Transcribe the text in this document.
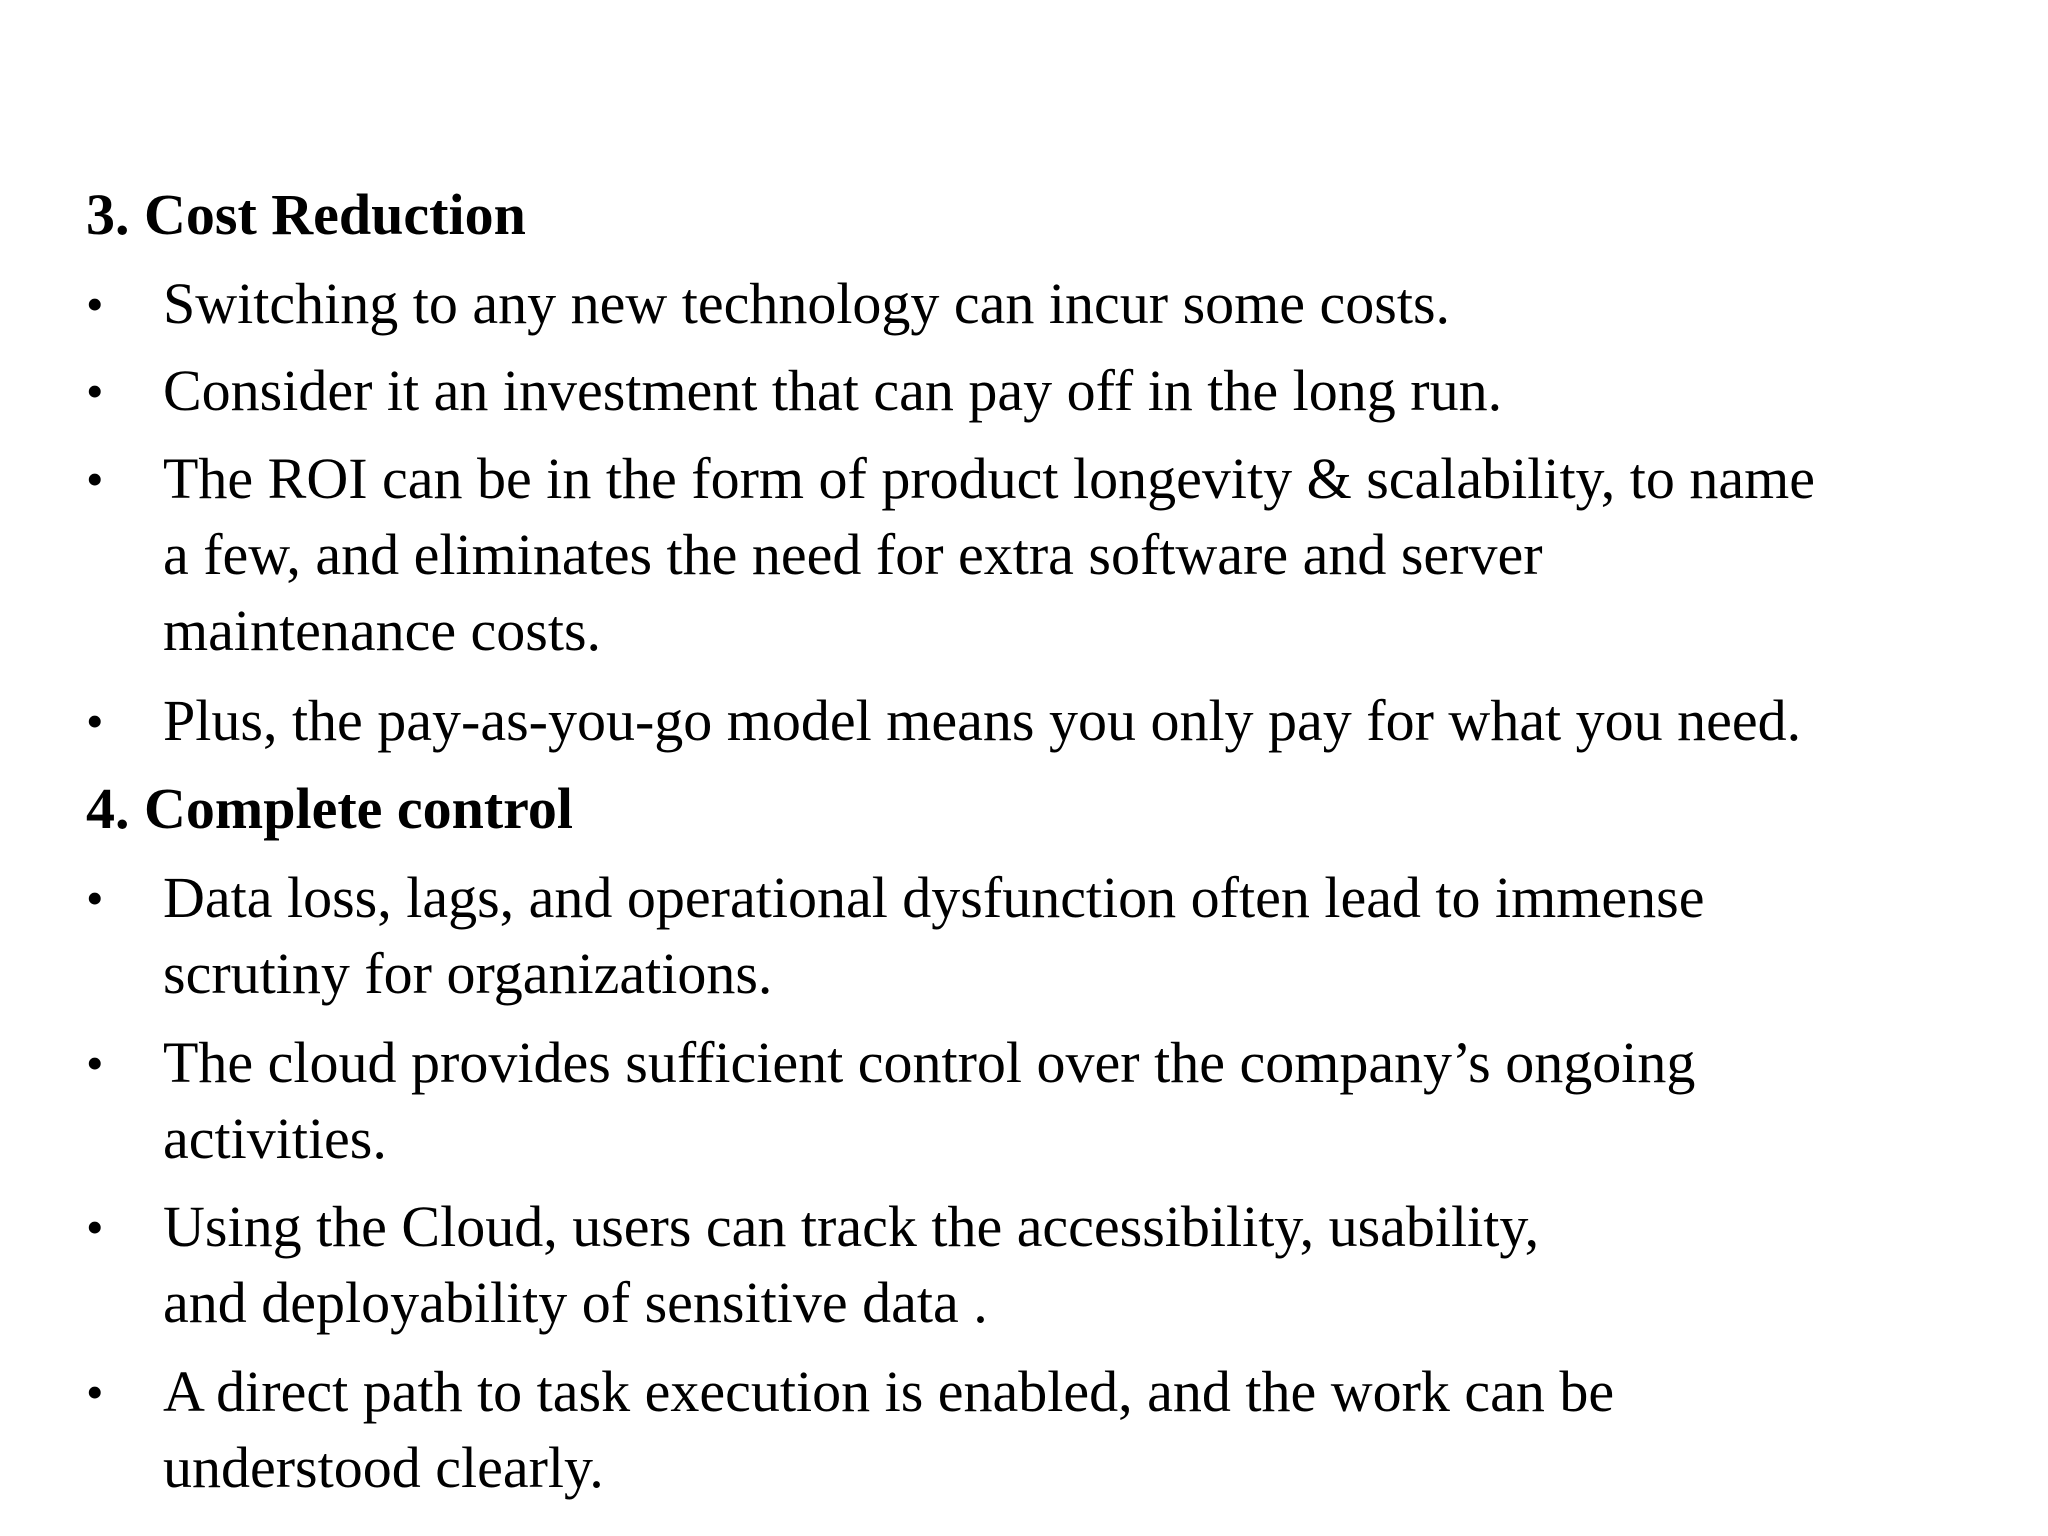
3. Cost Reduction
•	Switching to any new technology can incur some costs.
•	Consider it an investment that can pay off in the long run.
•	The ROI can be in the form of product longevity & scalability, to name
a few, and eliminates the need for extra software and server
maintenance costs.
•	Plus, the pay-as-you-go model means you only pay for what you need.
4. Complete control
•	Data loss, lags, and operational dysfunction often lead to immense
scrutiny for organizations.
•	The cloud provides sufficient control over the company’s ongoing
activities.
•	Using the Cloud, users can track the accessibility, usability,
and deployability of sensitive data .
•	A direct path to task execution is enabled, and the work can be
understood clearly.
